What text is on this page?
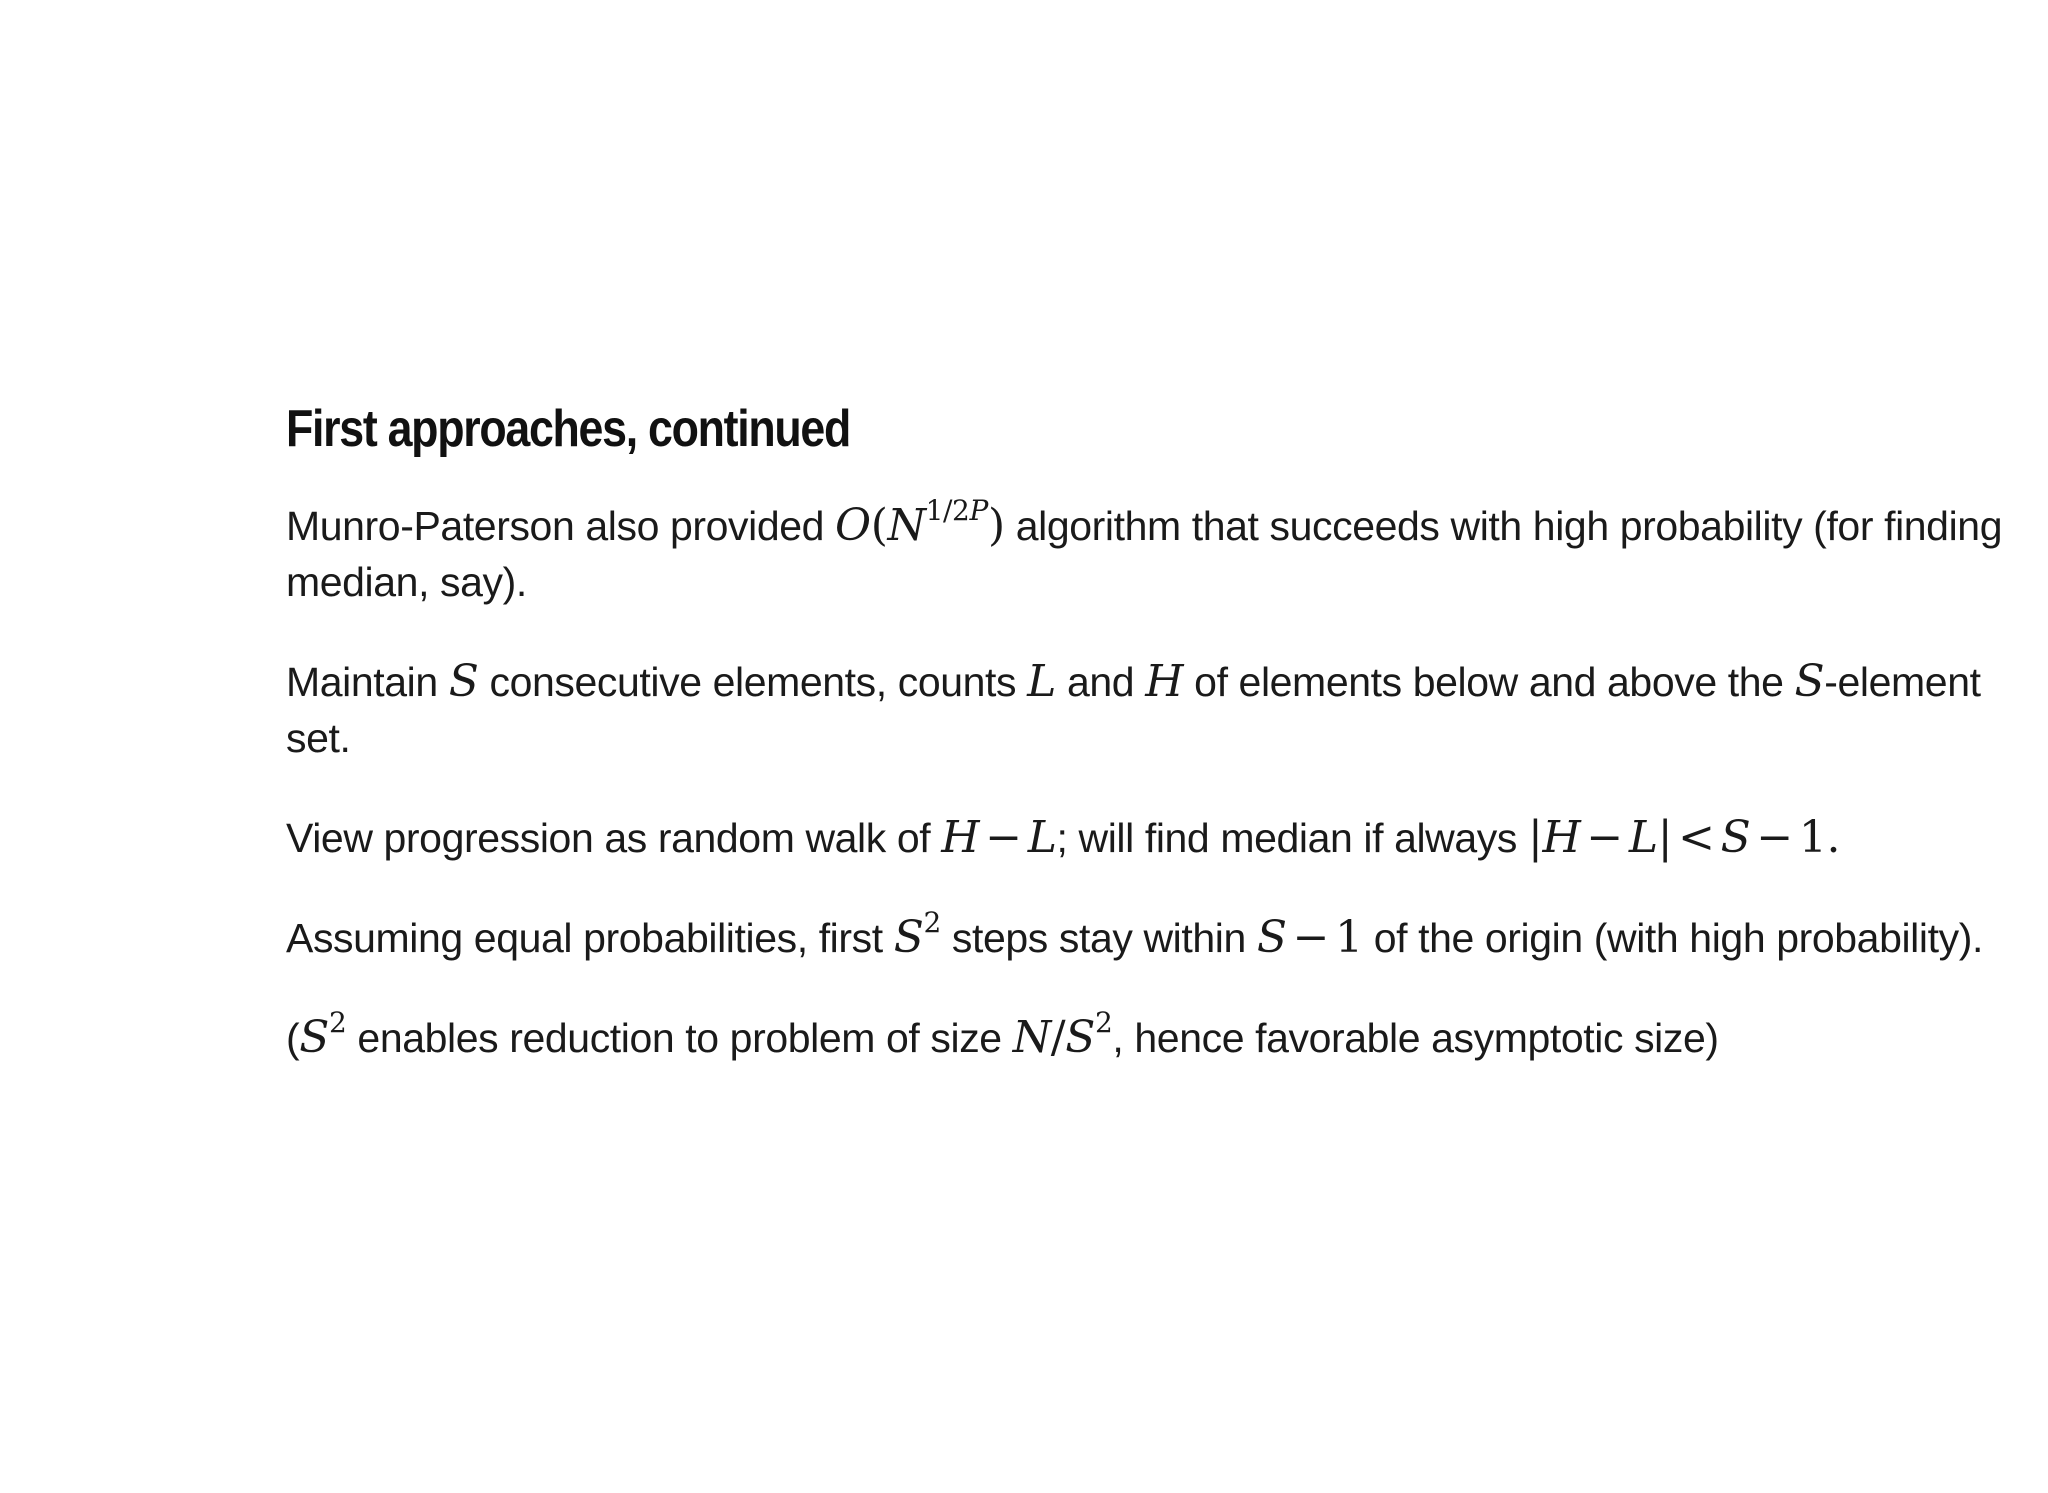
First approaches, continued

Munro-Paterson also provided $O(N^{1/2P})$ algorithm that succeeds with high probability (for finding median, say).

Maintain S consecutive elements, counts L and H of elements below and above the S-element set.

View progression as random walk of H − L; will find median if always |H − L| < S − 1.

Assuming equal probabilities, first $S^2$ steps stay within S − 1 of the origin (with high probability).

($S^2$ enables reduction to problem of size $N/S^2$, hence favorable asymptotic size)
